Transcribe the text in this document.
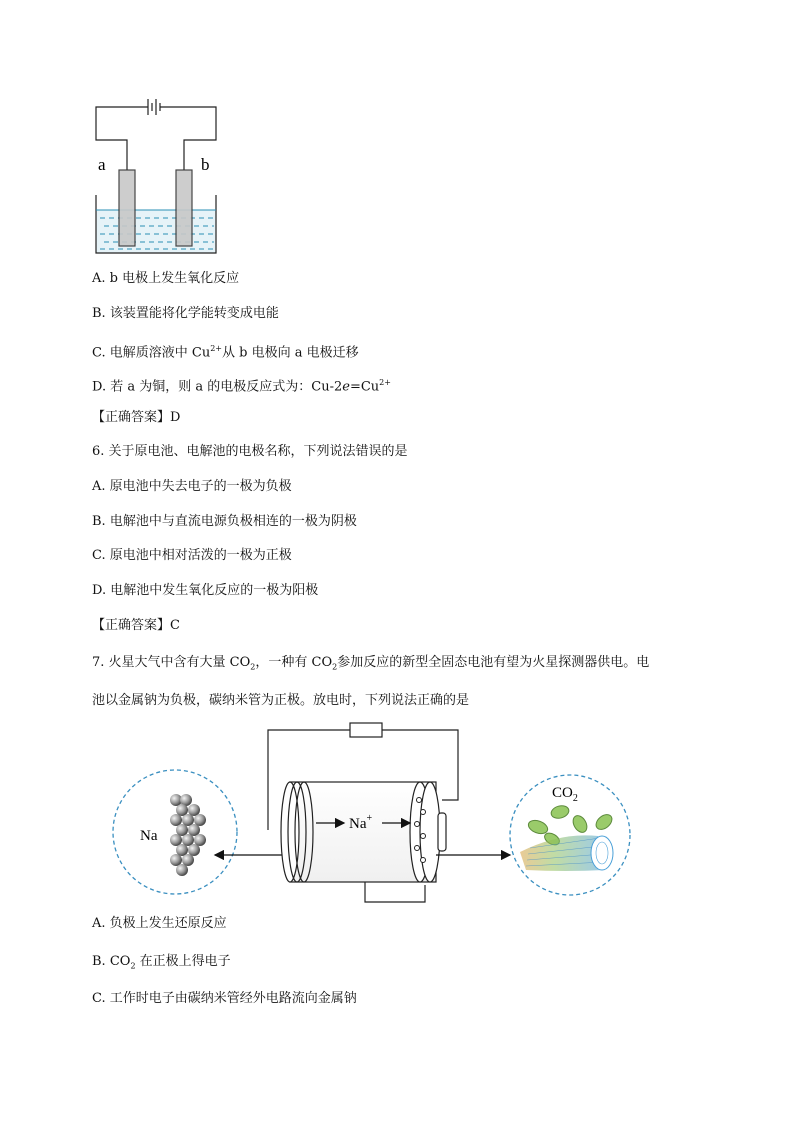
a	b
A. b 电极上发生氧化反应
B. 该装置能将化学能转变成电能
C. 电解质溶液中 $Cu^{2+}$从 b 电极向 a 电极迁移
D. 若 a 为铜，则 a 的电极反应式为：$Cu-2e=Cu^{2+}$
【正确答案】D
6. 关于原电池、电解池的电极名称，下列说法错误的是
A. 原电池中失去电子的一极为负极
B. 电解池中与直流电源负极相连的一极为阴极
C. 原电池中相对活泼的一极为正极
D. 电解池中发生氧化反应的一极为阳极
【正确答案】C
7. 火星大气中含有大量 $CO_2$，一种有 $CO_2$参加反应的新型全固态电池有望为火星探测器供电。电
池以金属钠为负极，碳纳米管为正极。放电时，下列说法正确的是
Na
Na+
$CO_2$
A. 负极上发生还原反应
B. $CO_2$ 在正极上得电子
C. 工作时电子由碳纳米管经外电路流向金属钠
